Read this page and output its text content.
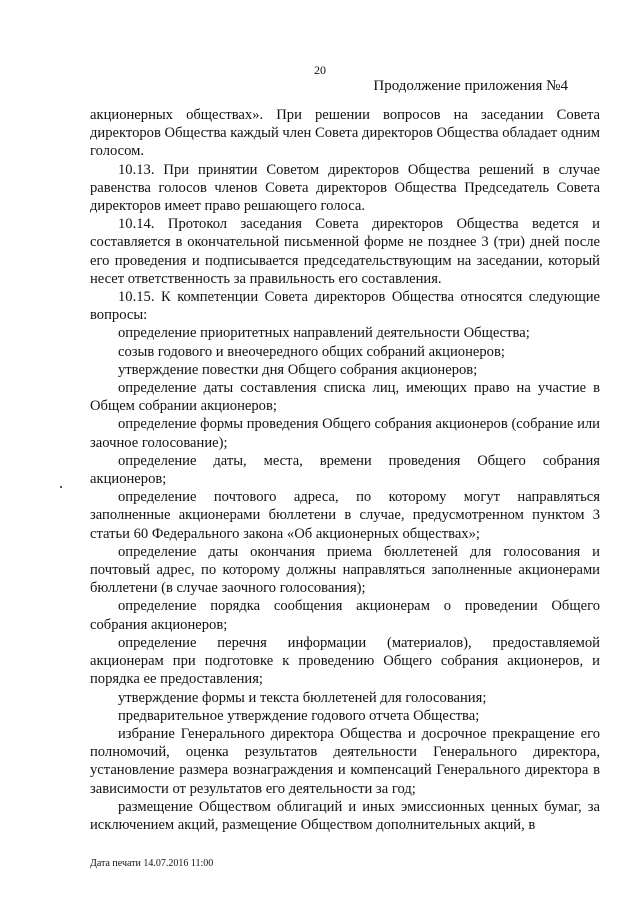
20
Продолжение приложения №4

акционерных обществах». При решении вопросов на заседании Совета директоров Общества каждый член Совета директоров Общества обладает одним голосом.

10.13. При принятии Советом директоров Общества решений в случае равенства голосов членов Совета директоров Общества Председатель Совета директоров имеет право решающего голоса.

10.14. Протокол заседания Совета директоров Общества ведется и составляется в окончательной письменной форме не позднее 3 (три) дней после его проведения и подписывается председательствующим на заседании, который несет ответственность за правильность его составления.

10.15. К компетенции Совета директоров Общества относятся следующие вопросы:

определение приоритетных направлений деятельности Общества;

созыв годового и внеочередного общих собраний акционеров;

утверждение повестки дня Общего собрания акционеров;

определение даты составления списка лиц, имеющих право на участие в Общем собрании акционеров;

определение формы проведения Общего собрания акционеров (собрание или заочное голосование);

определение даты, места, времени проведения Общего собрания акционеров;

определение почтового адреса, по которому могут направляться заполненные акционерами бюллетени в случае, предусмотренном пунктом 3 статьи 60 Федерального закона «Об акционерных обществах»;

определение даты окончания приема бюллетеней для голосования и почтовый адрес, по которому должны направляться заполненные акционерами бюллетени (в случае заочного голосования);

определение порядка сообщения акционерам о проведении Общего собрания акционеров;

определение перечня информации (материалов), предоставляемой акционерам при подготовке к проведению Общего собрания акционеров, и порядка ее предоставления;

утверждение формы и текста бюллетеней для голосования;

предварительное утверждение годового отчета Общества;

избрание Генерального директора Общества и досрочное прекращение его полномочий, оценка результатов деятельности Генерального директора, установление размера вознаграждения и компенсаций Генерального директора в зависимости от результатов его деятельности за год;

размещение Обществом облигаций и иных эмиссионных ценных бумаг, за исключением акций, размещение Обществом дополнительных акций, в

Дата печати 14.07.2016 11:00
